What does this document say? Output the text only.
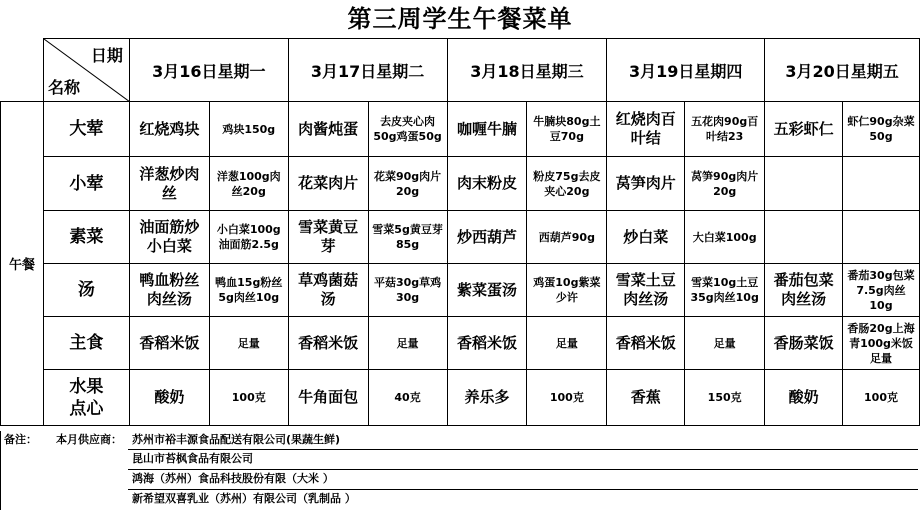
第三周学生午餐菜单

	日期
名称	3月16日星期一		3月17日星期二		3月18日星期三		3月19日星期四		3月20日星期五	
午餐	大荤	红烧鸡块	鸡块150g	肉酱炖蛋	去皮夹心肉50g鸡蛋50g	咖喱牛腩	牛腩块80g土豆70g	红烧肉百叶结	五花肉90g百叶结23	五彩虾仁	虾仁90g杂菜50g
	小荤	洋葱炒肉丝	洋葱100g肉丝20g	花菜肉片	花菜90g肉片20g	肉末粉皮	粉皮75g去皮夹心20g	莴笋肉片	莴笋90g肉片20g		
	素菜	油面筋炒小白菜	小白菜100g油面筋2.5g	雪菜黄豆芽	雪菜5g黄豆芽85g	炒西葫芦	西葫芦90g	炒白菜	大白菜100g		
	汤	鸭血粉丝肉丝汤	鸭血15g粉丝5g肉丝10g	草鸡菌菇汤	平菇30g草鸡30g	紫菜蛋汤	鸡蛋10g紫菜少许	雪菜土豆肉丝汤	雪菜10g土豆35g肉丝10g	番茄包菜肉丝汤	番茄30g包菜7.5g肉丝10g
	主食	香稻米饭	足量	香稻米饭	足量	香稻米饭	足量	香稻米饭	足量	香肠菜饭	香肠20g上海青100g米饭足量
	水果点心	酸奶	100克	牛角面包	40克	养乐多	100克	香蕉	150克	酸奶	100克
备注： 本月供应商： 苏州市裕丰源食品配送有限公司(果蔬生鲜)
昆山市苔枫食品有限公司
鸿海（苏州）食品科技股份有限（大米 ）
新希望双喜乳业（苏州）有限公司（乳制品 ）
